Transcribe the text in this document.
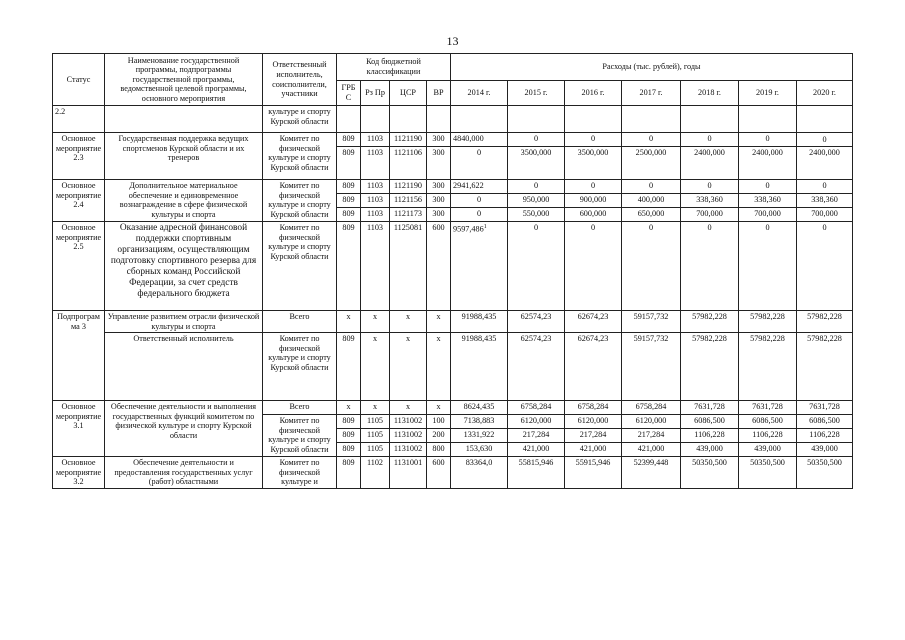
13
Статус	Наименование государственной программы, подпрограммы государственной программы, ведомственной целевой программы, основного мероприятия	Ответственный исполнитель, соисполнители, участники	Код бюджетной классификации				Расходы (тыс. рублей), годы						
			ГРБС	Рз Пр	ЦСР	ВР	2014 г.	2015 г.	2016 г.	2017 г.	2018 г.	2019 г.	2020 г.
2.2		культуре и спорту Курской области											
Основное мероприятие 2.3	Государственная поддержка ведущих спортсменов Курской области и их тренеров	Комитет по физической культуре и спорту Курской области	809	1103	1121190	300	4840,000	0	0	0	0	0	0
			809	1103	1121106	300	0	3500,000	3500,000	2500,000	2400,000	2400,000	2400,000
Основное мероприятие 2.4	Дополнительное материальное обеспечение и единовременное вознаграждение в сфере физической культуры и спорта	Комитет по физической культуре и спорту Курской области	809	1103	1121190	300	2941,622	0	0	0	0	0	0
			809	1103	1121156	300	0	950,000	900,000	400,000	338,360	338,360	338,360
			809	1103	1121173	300	0	550,000	600,000	650,000	700,000	700,000	700,000
Основное мероприятие 2.5	Оказание адресной финансовой поддержки спортивным организациям, осуществляющим подготовку спортивного резерва для сборных команд Российской Федерации, за счет средств федерального бюджета	Комитет по физической культуре и спорту Курской области	809	1103	1125081	600	9597,486$^1$	0	0	0	0	0	0
Подпрограмма 3	Управление развитием отрасли физической культуры и спорта	Всего	x	x	x	x	91988,435	62574,23	62674,23	59157,732	57982,228	57982,228	57982,228
	Ответственный исполнитель	Комитет по физической культуре и спорту Курской области	809	x	x	x	91988,435	62574,23	62674,23	59157,732	57982,228	57982,228	57982,228
Основное мероприятие 3.1	Обеспечение деятельности и выполнения государственных функций комитетом по физической культуре и спорту Курской области	Всего	x	x	x	x	8624,435	6758,284	6758,284	6758,284	7631,728	7631,728	7631,728
		Комитет по физической культуре и спорту Курской области	809	1105	1131002	100	7138,883	6120,000	6120,000	6120,000	6086,500	6086,500	6086,500
			809	1105	1131002	200	1331,922	217,284	217,284	217,284	1106,228	1106,228	1106,228
			809	1105	1131002	800	153,630	421,000	421,000	421,000	439,000	439,000	439,000
Основное мероприятие 3.2	Обеспечение деятельности и предоставления государственных услуг (работ) областными	Комитет по физической культуре и	809	1102	1131001	600	83364,0	55815,946	55915,946	52399,448	50350,500	50350,500	50350,500
